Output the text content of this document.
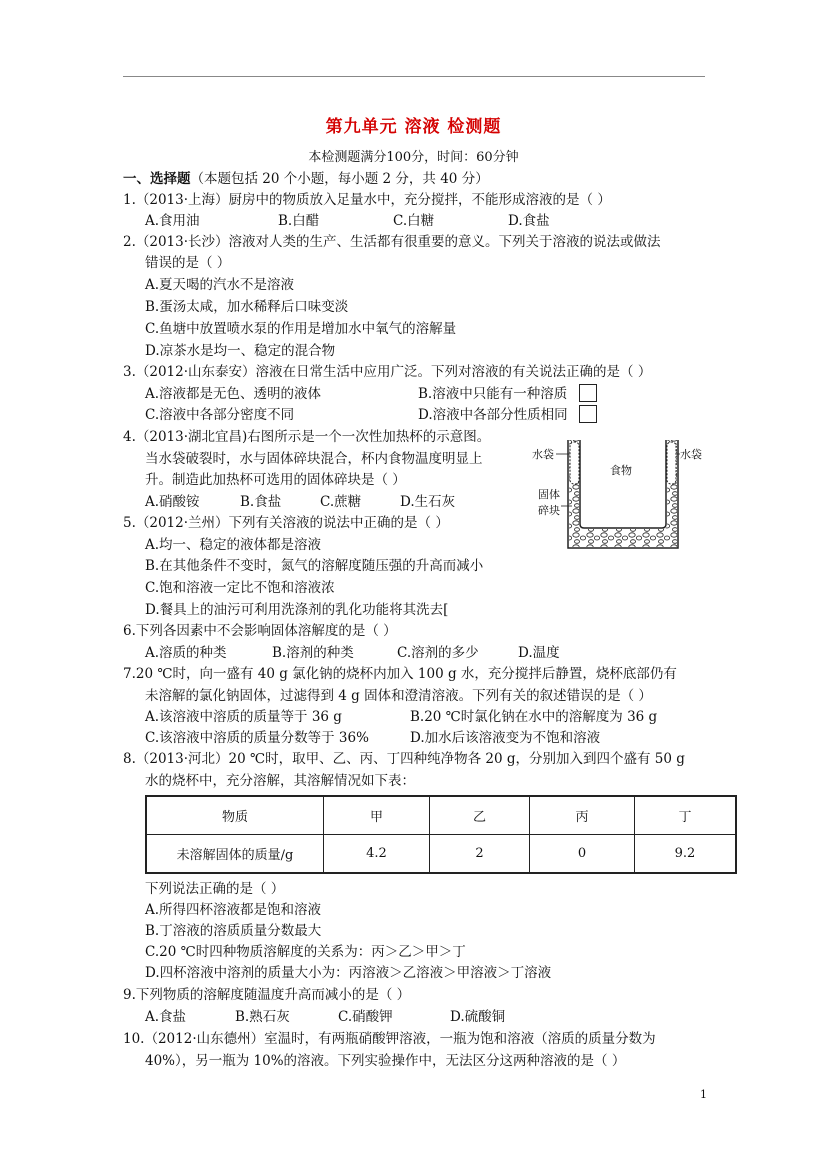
第九单元 溶液 检测题
本检测题满分100分，时间：60分钟
一、选择题（本题包括 20 个小题，每小题 2 分，共 40 分）
1.（2013·上海）厨房中的物质放入足量水中，充分搅拌，不能形成溶液的是（ ）
A.食用油	B.白醋	C.白糖	D.食盐
2.（2013·长沙）溶液对人类的生产、生活都有很重要的意义。下列关于溶液的说法或做法
错误的是（ ）
A.夏天喝的汽水不是溶液
B.蛋汤太咸，加水稀释后口味变淡
C.鱼塘中放置喷水泵的作用是增加水中氧气的溶解量
D.凉茶水是均一、稳定的混合物
3.（2012·山东泰安）溶液在日常生活中应用广泛。下列对溶液的有关说法正确的是（ ）
A.溶液都是无色、透明的液体	B.溶液中只能有一种溶质
C.溶液中各部分密度不同	D.溶液中各部分性质相同
4.（2013·湖北宜昌)右图所示是一个一次性加热杯的示意图。
当水袋破裂时，水与固体碎块混合，杯内食物温度明显上
升。制造此加热杯可选用的固体碎块是（ ）
A.硝酸铵	B.食盐	C.蔗糖	D.生石灰
5.（2012·兰州）下列有关溶液的说法中正确的是（ ）
A.均一、稳定的液体都是溶液
B.在其他条件不变时，氮气的溶解度随压强的升高而减小
C.饱和溶液一定比不饱和溶液浓
D.餐具上的油污可利用洗涤剂的乳化功能将其洗去[
6.下列各因素中不会影响固体溶解度的是（ ）
A.溶质的种类	B.溶剂的种类	C.溶剂的多少	D.温度
7.20 ℃时，向一盛有 40 g 氯化钠的烧杯内加入 100 g 水，充分搅拌后静置，烧杯底部仍有
未溶解的氯化钠固体，过滤得到 4 g 固体和澄清溶液。下列有关的叙述错误的是（ ）
A.该溶液中溶质的质量等于 36 g	B.20 ℃时氯化钠在水中的溶解度为 36 g
C.该溶液中溶质的质量分数等于 36%	D.加水后该溶液变为不饱和溶液
8.（2013·河北）20 ℃时，取甲、乙、丙、丁四种纯净物各 20 g，分别加入到四个盛有 50 g
水的烧杯中，充分溶解，其溶解情况如下表：
下列说法正确的是（ ）
A.所得四杯溶液都是饱和溶液
B.丁溶液的溶质质量分数最大
C.20 ℃时四种物质溶解度的关系为：丙＞乙＞甲＞丁
D.四杯溶液中溶剂的质量大小为：丙溶液＞乙溶液＞甲溶液＞丁溶液
9.下列物质的溶解度随温度升高而减小的是（ ）
A.食盐	B.熟石灰	C.硝酸钾	D.硫酸铜
10.（2012·山东德州）室温时，有两瓶硝酸钾溶液，一瓶为饱和溶液（溶质的质量分数为
40%），另一瓶为 10%的溶液。下列实验操作中，无法区分这两种溶液的是（ ）
物质	甲	乙	丙	丁
未溶解固体的质量/g	4.2	2	0	9.2
水袋	水袋
食物
固体
碎块
1
